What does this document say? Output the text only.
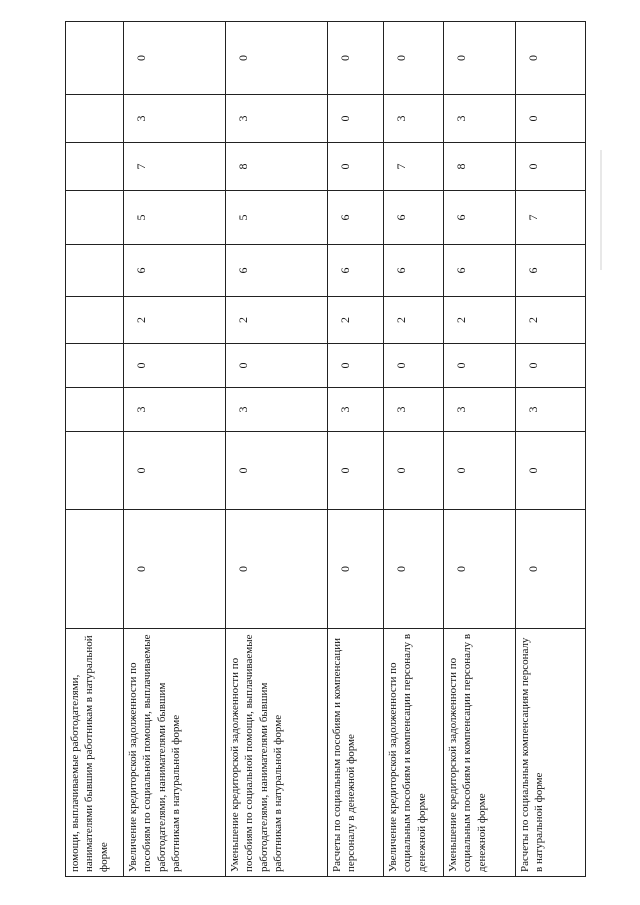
помощи, выплачиваемые работодателями, нанимателями бывшим работникам в натуральной форме										
Увеличение кредиторской задолженности по пособиям по социальной помощи, выплачиваемые работодателями, нанимателями бывшим работникам в натуральной форме	0	0	3	0	2	6	5	7	3	0
Уменьшение кредиторской задолженности по пособиям по социальной помощи, выплачиваемые работодателями, нанимателями бывшим работникам в натуральной форме	0	0	3	0	2	6	5	8	3	0
Расчеты по социальным пособиям и компенсации персоналу в денежной форме	0	0	3	0	2	6	6	0	0	0
Увеличение кредиторской задолженности по социальным пособиям и компенсации персоналу в денежной форме	0	0	3	0	2	6	6	7	3	0
Уменьшение кредиторской задолженности по социальным пособиям и компенсации персоналу в денежной форме	0	0	3	0	2	6	6	8	3	0
Расчеты по социальным компенсациям персоналу в натуральной форме	0	0	3	0	2	6	7	0	0	0
